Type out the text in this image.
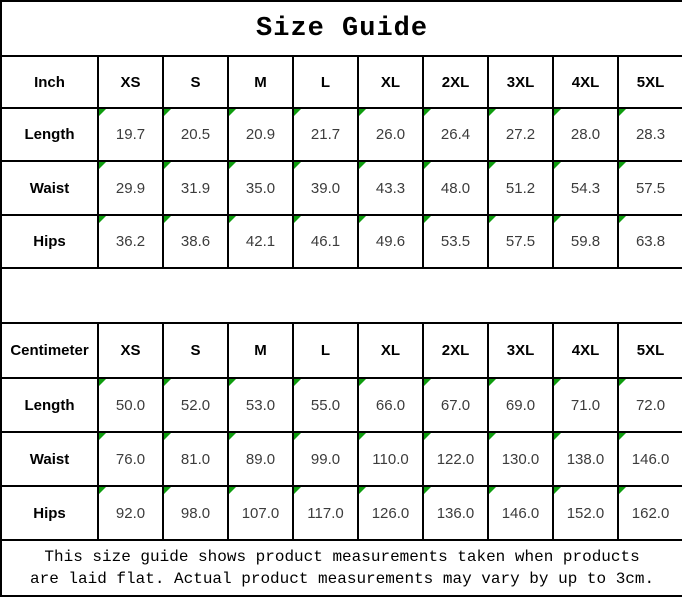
Size Guide									
Inch	XS	S	M	L	XL	2XL	3XL	4XL	5XL
Length	19.7	20.5	20.9	21.7	26.0	26.4	27.2	28.0	28.3

Waist	29.9	31.9	35.0	39.0	43.3	48.0	51.2	54.3	57.5

Hips	36.2	38.6	42.1	46.1	49.6	53.5	57.5	59.8	63.8

Centimeter	XS	S	M	L	XL	2XL	3XL	4XL	5XL
Length	50.0	52.0	53.0	55.0	66.0	67.0	69.0	71.0	72.0

Waist	76.0	81.0	89.0	99.0	110.0	122.0	130.0	138.0	146.0

Hips	92.0	98.0	107.0	117.0	126.0	136.0	146.0	152.0	162.0

This size guide shows product measurements taken when products
are laid flat. Actual product measurements may vary by up to 3cm.									
